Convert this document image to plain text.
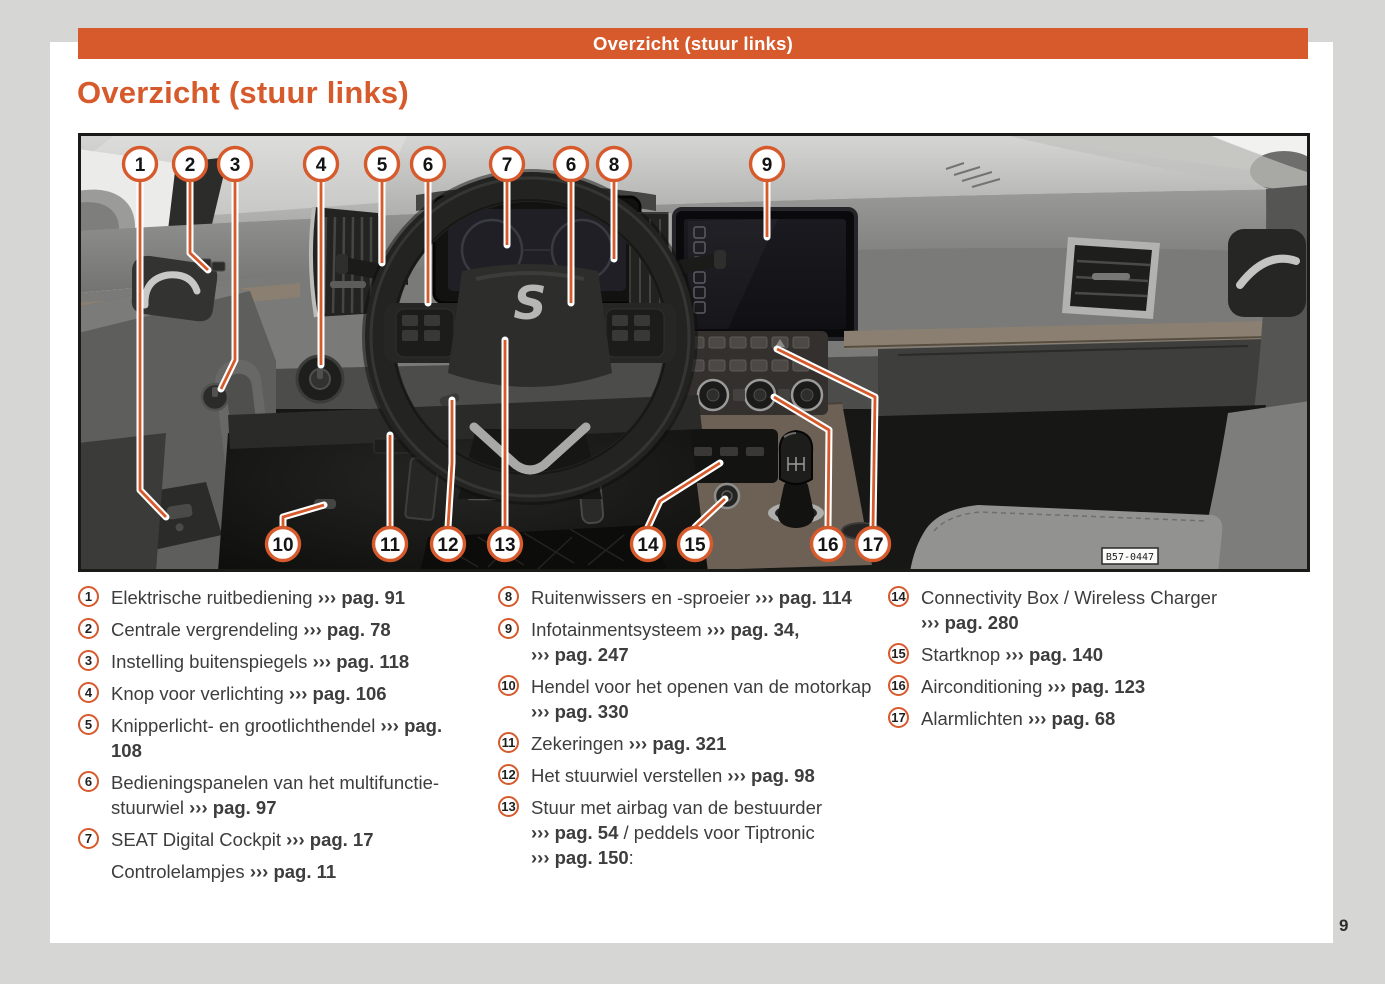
Overzicht (stuur links)
Overzicht (stuur links)
S
B57-0447
1 2 3	4	5 6	7	6 8	9
10	11 12 13	14 15	16 17
1	Elektrische ruitbediening ››› pag. 91
2	Centrale vergrendeling ››› pag. 78
3	Instelling buitenspiegels ››› pag. 118
4	Knop voor verlichting ››› pag. 106
5	Knipperlicht- en grootlichthendel ››› pag.
108
6	Bedieningspanelen van het multifunctie-
stuurwiel ››› pag. 97
7	SEAT Digital Cockpit ››› pag. 17
Controlelampjes ››› pag. 11
8	Ruitenwissers en -sproeier ››› pag. 114
9	Infotainmentsysteem ››› pag. 34,
››› pag. 247
10 Hendel voor het openen van de motorkap
››› pag. 330
11 Zekeringen ››› pag. 321
12 Het stuurwiel verstellen ››› pag. 98
13 Stuur met airbag van de bestuurder
››› pag. 54 / peddels voor Tiptronic
››› pag. 150:
14 Connectivity Box / Wireless Charger
››› pag. 280
15 Startknop ››› pag. 140
16 Airconditioning ››› pag. 123
17 Alarmlichten ››› pag. 68
9
